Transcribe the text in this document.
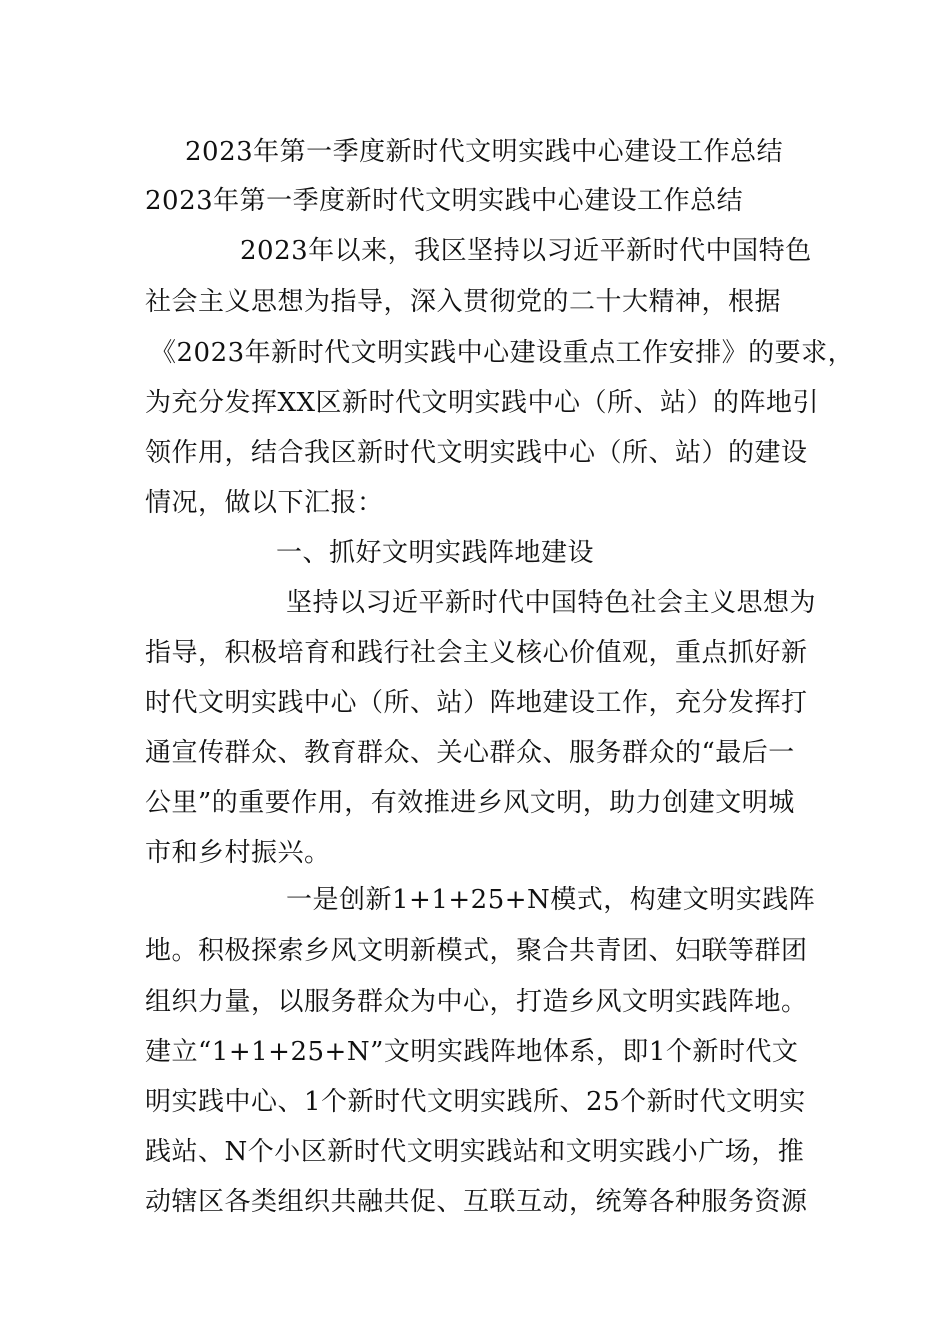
2023年第一季度新时代文明实践中心建设工作总结
2023年第一季度新时代文明实践中心建设工作总结
2023年以来，我区坚持以习近平新时代中国特色
社会主义思想为指导，深入贯彻党的二十大精神，根据
《2023年新时代文明实践中心建设重点工作安排》的要求，
为充分发挥XX区新时代文明实践中心（所、站）的阵地引
领作用，结合我区新时代文明实践中心（所、站）的建设
情况，做以下汇报：
一、抓好文明实践阵地建设
坚持以习近平新时代中国特色社会主义思想为
指导，积极培育和践行社会主义核心价值观，重点抓好新
时代文明实践中心（所、站）阵地建设工作，充分发挥打
通宣传群众、教育群众、关心群众、服务群众的“最后一
公里”的重要作用，有效推进乡风文明，助力创建文明城
市和乡村振兴。
一是创新1+1+25+N模式，构建文明实践阵
地。积极探索乡风文明新模式，聚合共青团、妇联等群团
组织力量，以服务群众为中心，打造乡风文明实践阵地。
建立“1+1+25+N”文明实践阵地体系，即1个新时代文
明实践中心、1个新时代文明实践所、25个新时代文明实
践站、N个小区新时代文明实践站和文明实践小广场，推
动辖区各类组织共融共促、互联互动，统筹各种服务资源
